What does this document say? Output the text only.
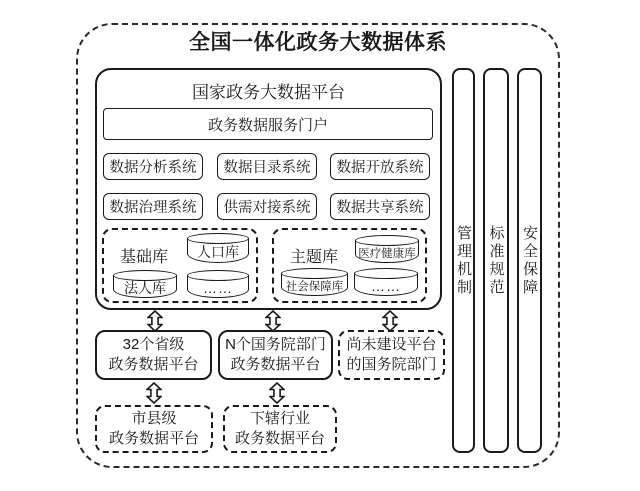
全国一体化政务大数据体系
国家政务大数据平台
政务数据服务门户
数据分析系统	数据目录系统	数据开放系统
数据治理系统	供需对接系统	数据共享系统
基础库	人口库
法人库	……
主题库 医疗健康库
社会保障库	……	管理机制 标准规范 安全保障
32个省级
政务数据平台
N个国务院部门
政务数据平台
尚未建设平台
的国务院部门
市县级
政务数据平台
下辖行业
政务数据平台
